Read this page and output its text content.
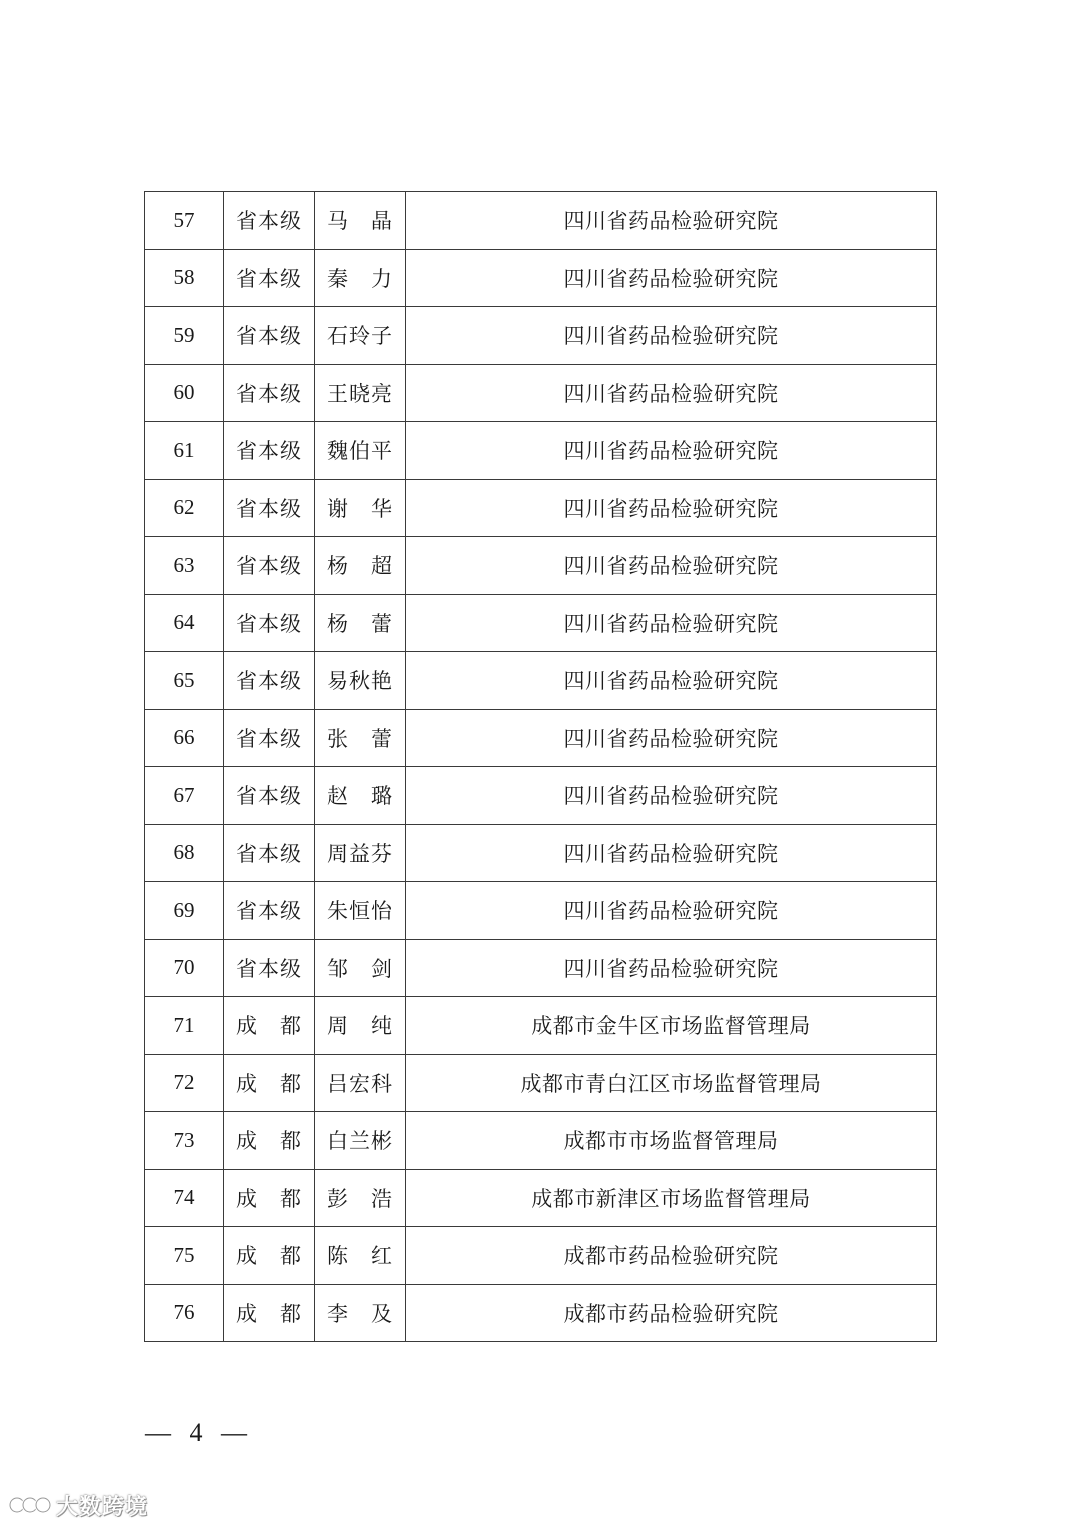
57	省本级	马　晶	四川省药品检验研究院
58	省本级	秦　力	四川省药品检验研究院
59	省本级	石玲子	四川省药品检验研究院
60	省本级	王晓亮	四川省药品检验研究院
61	省本级	魏伯平	四川省药品检验研究院
62	省本级	谢　华	四川省药品检验研究院
63	省本级	杨　超	四川省药品检验研究院
64	省本级	杨　蕾	四川省药品检验研究院
65	省本级	易秋艳	四川省药品检验研究院
66	省本级	张　蕾	四川省药品检验研究院
67	省本级	赵　璐	四川省药品检验研究院
68	省本级	周益芬	四川省药品检验研究院
69	省本级	朱恒怡	四川省药品检验研究院
70	省本级	邹　剑	四川省药品检验研究院
71	成　都	周　纯	成都市金牛区市场监督管理局
72	成　都	吕宏科	成都市青白江区市场监督管理局
73	成　都	白兰彬	成都市市场监督管理局
74	成　都	彭　浩	成都市新津区市场监督管理局
75	成　都	陈　红	成都市药品检验研究院
76	成　都	李　及	成都市药品检验研究院
— 4 —
大数跨境
